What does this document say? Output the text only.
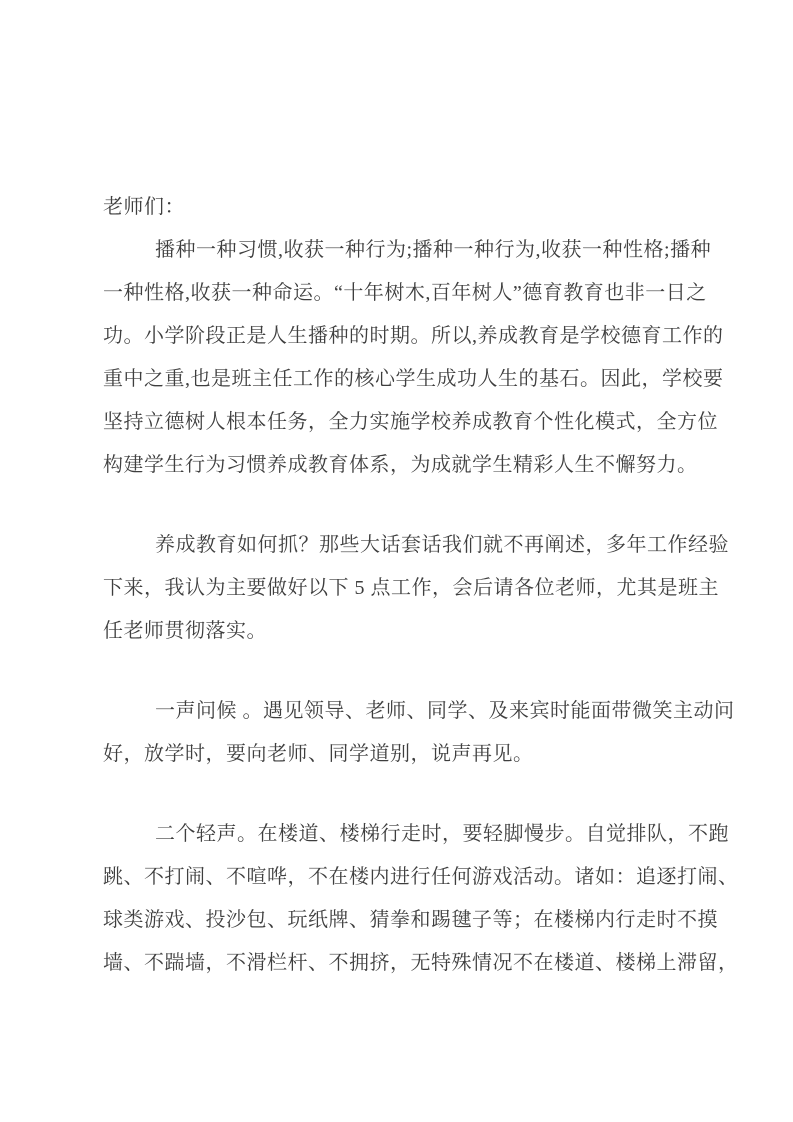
老师们：

播种一种习惯,收获一种行为;播种一种行为,收获一种性格;播种
一种性格,收获一种命运。“十年树木,百年树人”德育教育也非一日之
功。小学阶段正是人生播种的时期。所以,养成教育是学校德育工作的
重中之重,也是班主任工作的核心学生成功人生的基石。因此，学校要
坚持立德树人根本任务，全力实施学校养成教育个性化模式，全方位
构建学生行为习惯养成教育体系，为成就学生精彩人生不懈努力。

养成教育如何抓？那些大话套话我们就不再阐述，多年工作经验
下来，我认为主要做好以下 5 点工作，会后请各位老师，尤其是班主
任老师贯彻落实。

一声问候 。遇见领导、老师、同学、及来宾时能面带微笑主动问
好，放学时，要向老师、同学道别，说声再见。

二个轻声。在楼道、楼梯行走时，要轻脚慢步。自觉排队，不跑
跳、不打闹、不喧哗，不在楼内进行任何游戏活动。诸如：追逐打闹、
球类游戏、投沙包、玩纸牌、猜拳和踢毽子等；在楼梯内行走时不摸
墙、不踹墙，不滑栏杆、不拥挤，无特殊情况不在楼道、楼梯上滞留，
